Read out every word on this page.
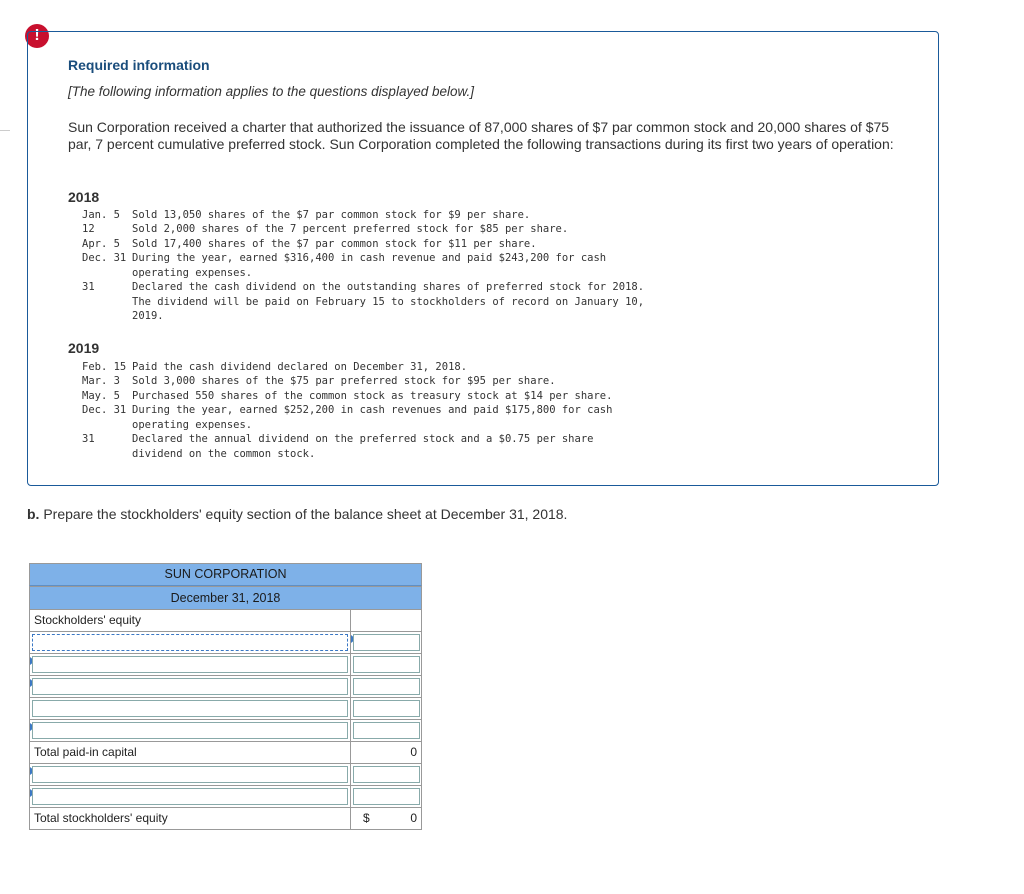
!
Required information
[The following information applies to the questions displayed below.]
Sun Corporation received a charter that authorized the issuance of 87,000 shares of $7 par common stock and 20,000 shares of $75 par, 7 percent cumulative preferred stock. Sun Corporation completed the following transactions during its first two years of operation:
2018
Jan. 5	Sold 13,050 shares of the $7 par common stock for $9 per share.
12	Sold 2,000 shares of the 7 percent preferred stock for $85 per share.
Apr. 5	Sold 17,400 shares of the $7 par common stock for $11 per share.
Dec. 31 During the year, earned $316,400 in cash revenue and paid $243,200 for cash
operating expenses.
31	Declared the cash dividend on the outstanding shares of preferred stock for 2018.
The dividend will be paid on February 15 to stockholders of record on January 10,
2019.
2019
Feb. 15 Paid the cash dividend declared on December 31, 2018.
Mar. 3	Sold 3,000 shares of the $75 par preferred stock for $95 per share.
May. 5	Purchased 550 shares of the common stock as treasury stock at $14 per share.
Dec. 31 During the year, earned $252,200 in cash revenues and paid $175,800 for cash
operating expenses.
31	Declared the annual dividend on the preferred stock and a $0.75 per share
dividend on the common stock.
b. Prepare the stockholders' equity section of the balance sheet at December 31, 2018.
SUN CORPORATION
December 31, 2018
Stockholders' equity
Total paid-in capital	0
Total stockholders' equity	$	0
